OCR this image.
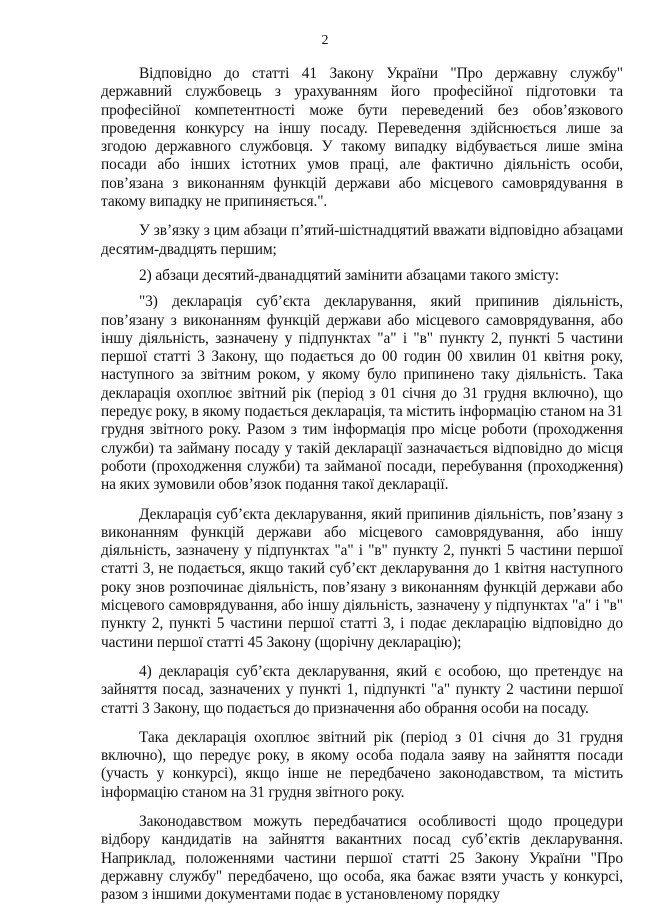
2

Відповідно до статті 41 Закону України "Про державну службу" державний службовець з урахуванням його професійної підготовки та професійної компетентності може бути переведений без обов’язкового проведення конкурсу на іншу посаду. Переведення здійснюється лише за згодою державного службовця. У такому випадку відбувається лише зміна посади або інших істотних умов праці, але фактично діяльність особи, пов’язана з виконанням функцій держави або місцевого самоврядування в такому випадку не припиняється.".

У зв’язку з цим абзаци п’ятий-шістнадцятий вважати відповідно абзацами десятим-двадцять першим;

2) абзаци десятий-дванадцятий замінити абзацами такого змісту:

"3) декларація суб’єкта декларування, який припинив діяльність, пов’язану з виконанням функцій держави або місцевого самоврядування, або іншу діяльність, зазначену у підпунктах "а" і "в" пункту 2, пункті 5 частини першої статті 3 Закону, що подається до 00 годин 00 хвилин 01 квітня року, наступного за звітним роком, у якому було припинено таку діяльність. Така декларація охоплює звітний рік (період з 01 січня до 31 грудня включно), що передує року, в якому подається декларація, та містить інформацію станом на 31 грудня звітного року. Разом з тим інформація про місце роботи (проходження служби) та займану посаду у такій декларації зазначається відповідно до місця роботи (проходження служби) та займаної посади, перебування (проходження) на яких зумовили обов’язок подання такої декларації.

Декларація суб’єкта декларування, який припинив діяльність, пов’язану з виконанням функцій держави або місцевого самоврядування, або іншу діяльність, зазначену у підпунктах "а" і "в" пункту 2, пункті 5 частини першої статті 3, не подається, якщо такий суб’єкт декларування до 1 квітня наступного року знов розпочинає діяльність, пов’язану з виконанням функцій держави або місцевого самоврядування, або іншу діяльність, зазначену у підпунктах "а" і "в" пункту 2, пункті 5 частини першої статті 3, і подає декларацію відповідно до частини першої статті 45 Закону (щорічну декларацію);

4) декларація суб’єкта декларування, який є особою, що претендує на зайняття посад, зазначених у пункті 1, підпункті "а" пункту 2 частини першої статті 3 Закону, що подається до призначення або обрання особи на посаду.

Така декларація охоплює звітний рік (період з 01 січня до 31 грудня включно), що передує року, в якому особа подала заяву на зайняття посади (участь у конкурсі), якщо інше не передбачено законодавством, та містить інформацію станом на 31 грудня звітного року.

Законодавством можуть передбачатися особливості щодо процедури відбору кандидатів на зайняття вакантних посад суб’єктів декларування. Наприклад, положеннями частини першої статті 25 Закону України "Про державну службу" передбачено, що особа, яка бажає взяти участь у конкурсі, разом з іншими документами подає в установленому порядку
